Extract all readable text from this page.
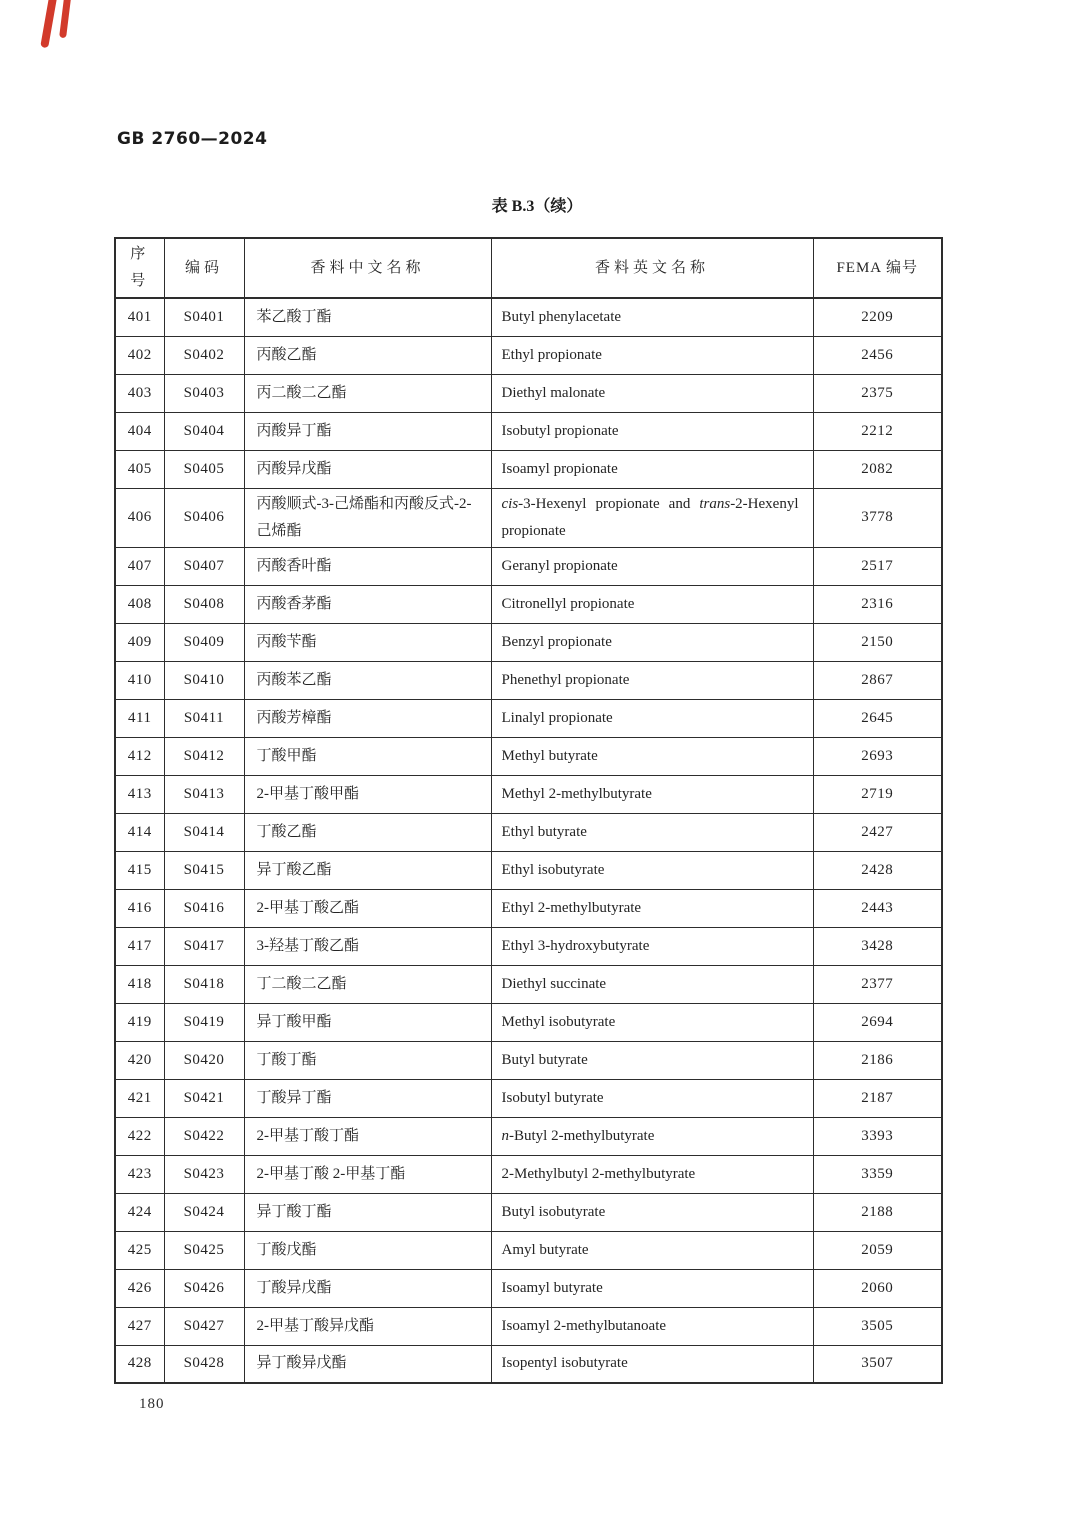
GB 2760—2024
表 B.3（续）
序号	编码	香料中文名称	香料英文名称	FEMA 编号
401	S0401	苯乙酸丁酯	Butyl phenylacetate	2209
402	S0402	丙酸乙酯	Ethyl propionate	2456
403	S0403	丙二酸二乙酯	Diethyl malonate	2375
404	S0404	丙酸异丁酯	Isobutyl propionate	2212
405	S0405	丙酸异戊酯	Isoamyl propionate	2082
406	S0406	丙酸顺式-3-己烯酯和丙酸反式-2-己烯酯	cis-3-Hexenyl propionate and trans-2-Hexenyl propionate	3778
407	S0407	丙酸香叶酯	Geranyl propionate	2517
408	S0408	丙酸香茅酯	Citronellyl propionate	2316
409	S0409	丙酸苄酯	Benzyl propionate	2150
410	S0410	丙酸苯乙酯	Phenethyl propionate	2867
411	S0411	丙酸芳樟酯	Linalyl propionate	2645
412	S0412	丁酸甲酯	Methyl butyrate	2693
413	S0413	2-甲基丁酸甲酯	Methyl 2-methylbutyrate	2719
414	S0414	丁酸乙酯	Ethyl butyrate	2427
415	S0415	异丁酸乙酯	Ethyl isobutyrate	2428
416	S0416	2-甲基丁酸乙酯	Ethyl 2-methylbutyrate	2443
417	S0417	3-羟基丁酸乙酯	Ethyl 3-hydroxybutyrate	3428
418	S0418	丁二酸二乙酯	Diethyl succinate	2377
419	S0419	异丁酸甲酯	Methyl isobutyrate	2694
420	S0420	丁酸丁酯	Butyl butyrate	2186
421	S0421	丁酸异丁酯	Isobutyl butyrate	2187
422	S0422	2-甲基丁酸丁酯	n-Butyl 2-methylbutyrate	3393
423	S0423	2-甲基丁酸 2-甲基丁酯	2-Methylbutyl 2-methylbutyrate	3359
424	S0424	异丁酸丁酯	Butyl isobutyrate	2188
425	S0425	丁酸戊酯	Amyl butyrate	2059
426	S0426	丁酸异戊酯	Isoamyl butyrate	2060
427	S0427	2-甲基丁酸异戊酯	Isoamyl 2-methylbutanoate	3505
428	S0428	异丁酸异戊酯	Isopentyl isobutyrate	3507
180
